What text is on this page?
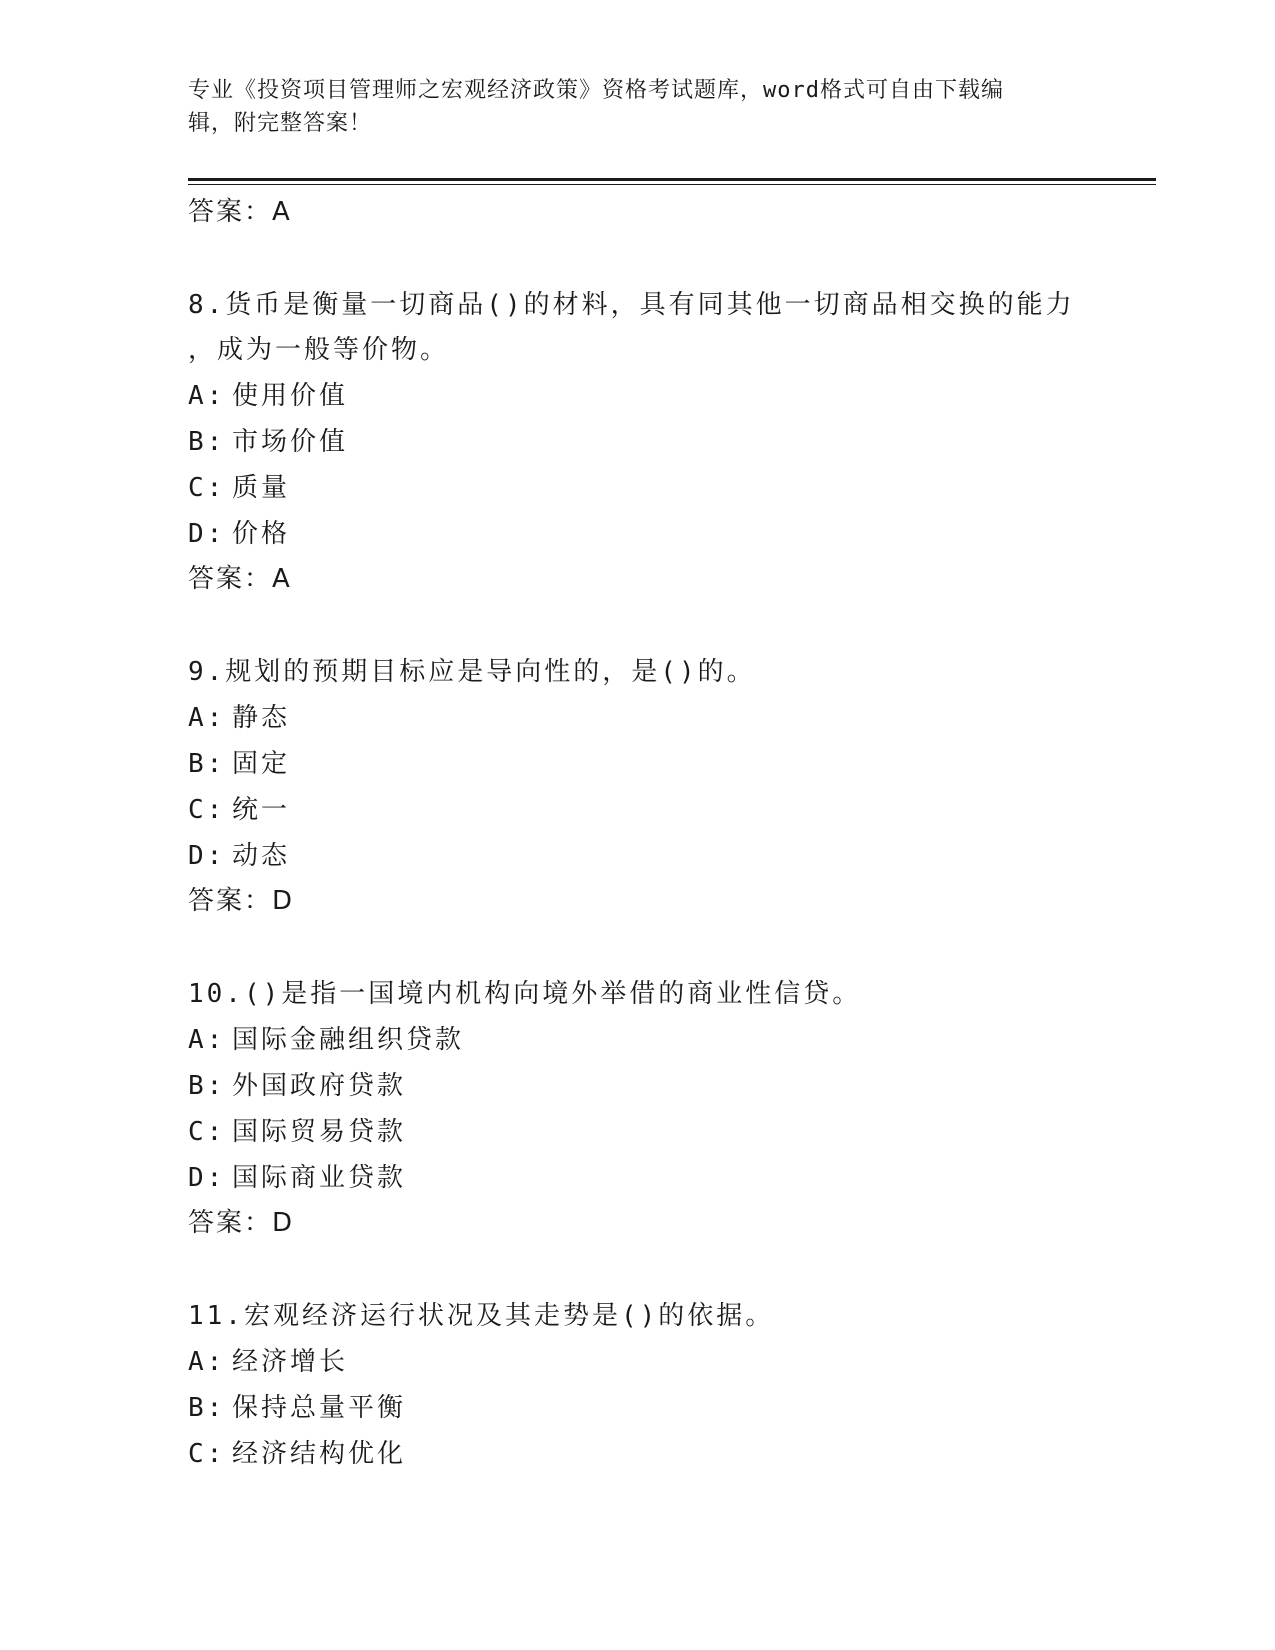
专业《投资项目管理师之宏观经济政策》资格考试题库，word格式可自由下载编
辑，附完整答案！
答案：A
8.货币是衡量一切商品()的材料，具有同其他一切商品相交换的能力
，成为一般等价物。
A: 使用价值
B: 市场价值
C: 质量
D: 价格
答案：A
9.规划的预期目标应是导向性的，是()的。
A: 静态
B: 固定
C: 统一
D: 动态
答案：D
10.()是指一国境内机构向境外举借的商业性信贷。
A: 国际金融组织贷款
B: 外国政府贷款
C: 国际贸易贷款
D: 国际商业贷款
答案：D
11.宏观经济运行状况及其走势是()的依据。
A: 经济增长
B: 保持总量平衡
C: 经济结构优化
